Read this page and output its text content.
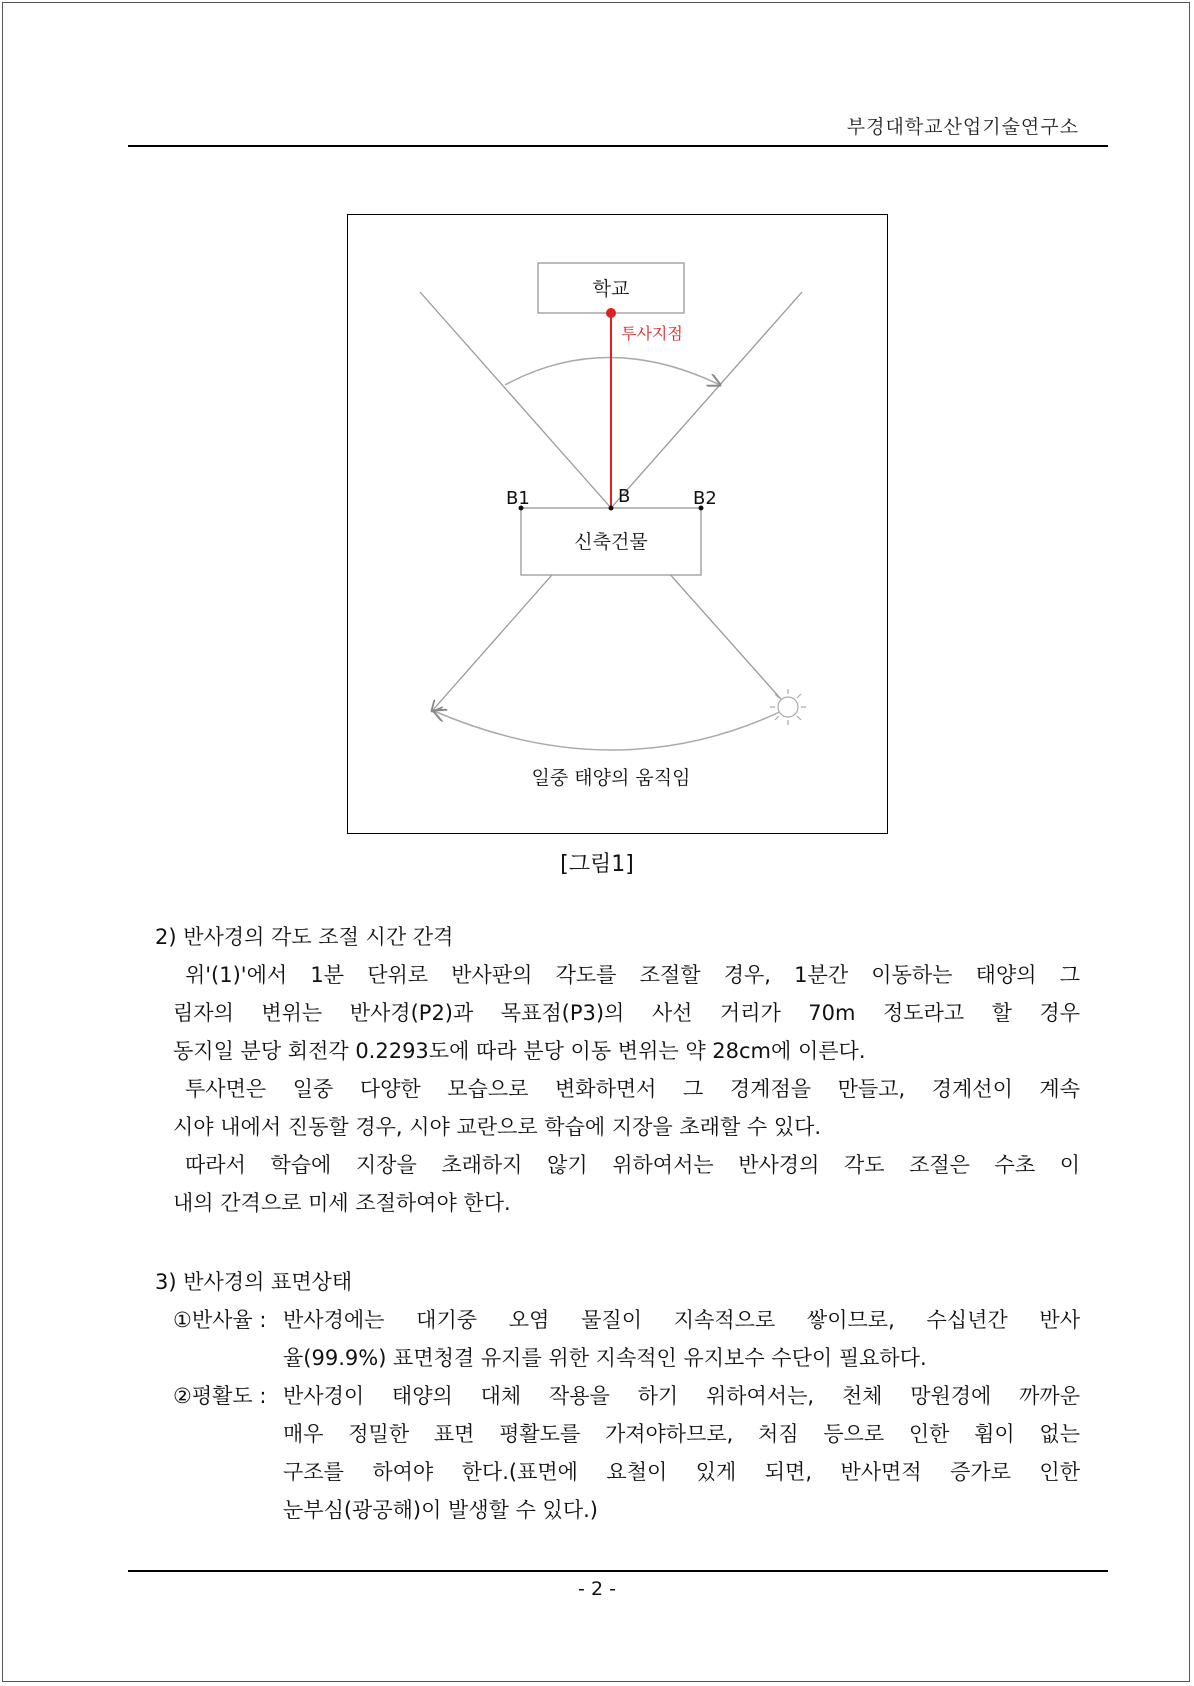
부경대학교산업기술연구소
학교
신축건물
투사지점
B1	B	B2
일중 태양의 움직임
[그림1]

2) 반사경의 각도 조절 시간 간격

위'(1)'에서 1분 단위로 반사판의 각도를 조절할 경우, 1분간 이동하는 태양의 그

림자의 변위는 반사경(P2)과 목표점(P3)의 사선 거리가 70m 정도라고 할 경우

동지일 분당 회전각 0.2293도에 따라 분당 이동 변위는 약 28cm에 이른다.

투사면은 일중 다양한 모습으로 변화하면서 그 경계점을 만들고, 경계선이 계속

시야 내에서 진동할 경우, 시야 교란으로 학습에 지장을 초래할 수 있다.

따라서 학습에 지장을 초래하지 않기 위하여서는 반사경의 각도 조절은 수초 이

내의 간격으로 미세 조절하여야 한다.

3) 반사경의 표면상태

①반사율 : 반사경에는 대기중 오염 물질이 지속적으로 쌓이므로, 수십년간 반사

율(99.9%) 표면청결 유지를 위한 지속적인 유지보수 수단이 필요하다.

②평활도 : 반사경이 태양의 대체 작용을 하기 위하여서는, 천체 망원경에 까까운

매우 정밀한 표면 평활도를 가져야하므로, 처짐 등으로 인한 휨이 없는

구조를 하여야 한다.(표면에 요철이 있게 되면, 반사면적 증가로 인한

눈부심(광공해)이 발생할 수 있다.)

- 2 -
